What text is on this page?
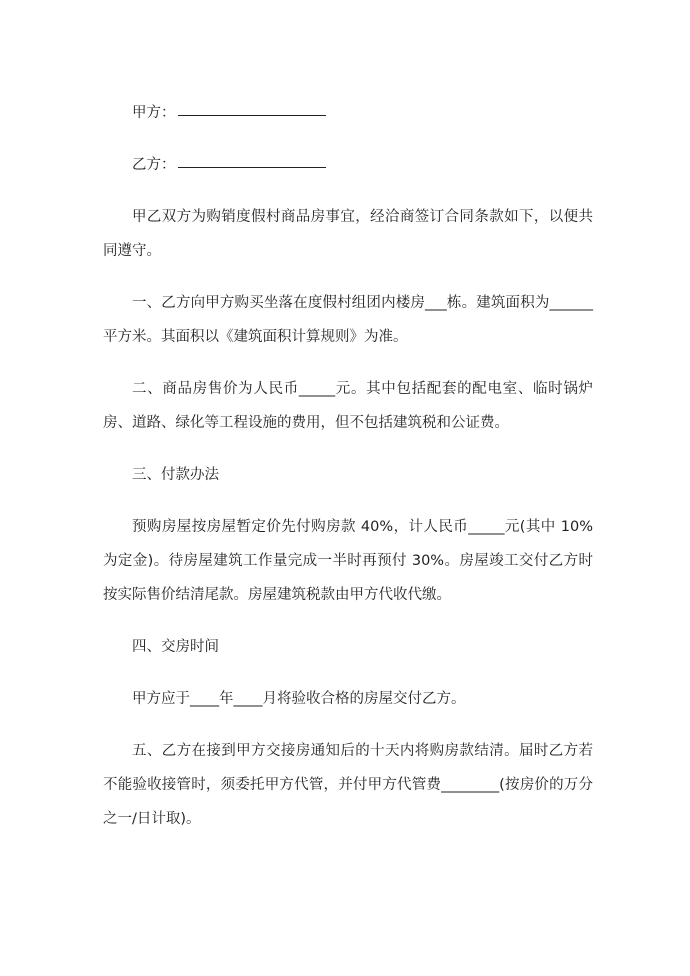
甲方：

乙方：

甲乙双方为购销度假村商品房事宜，经洽商签订合同条款如下，以便共同遵守。

一、乙方向甲方购买坐落在度假村组团内楼房___栋。建筑面积为______平方米。其面积以《建筑面积计算规则》为准。

二、商品房售价为人民币_____元。其中包括配套的配电室、临时锅炉房、道路、绿化等工程设施的费用，但不包括建筑税和公证费。

三、付款办法

预购房屋按房屋暂定价先付购房款 40%，计人民币_____元(其中 10%为定金)。待房屋建筑工作量完成一半时再预付 30%。房屋竣工交付乙方时按实际售价结清尾款。房屋建筑税款由甲方代收代缴。

四、交房时间

甲方应于____年____月将验收合格的房屋交付乙方。

五、乙方在接到甲方交接房通知后的十天内将购房款结清。届时乙方若不能验收接管时，须委托甲方代管，并付甲方代管费________(按房价的万分之一/日计取)。
